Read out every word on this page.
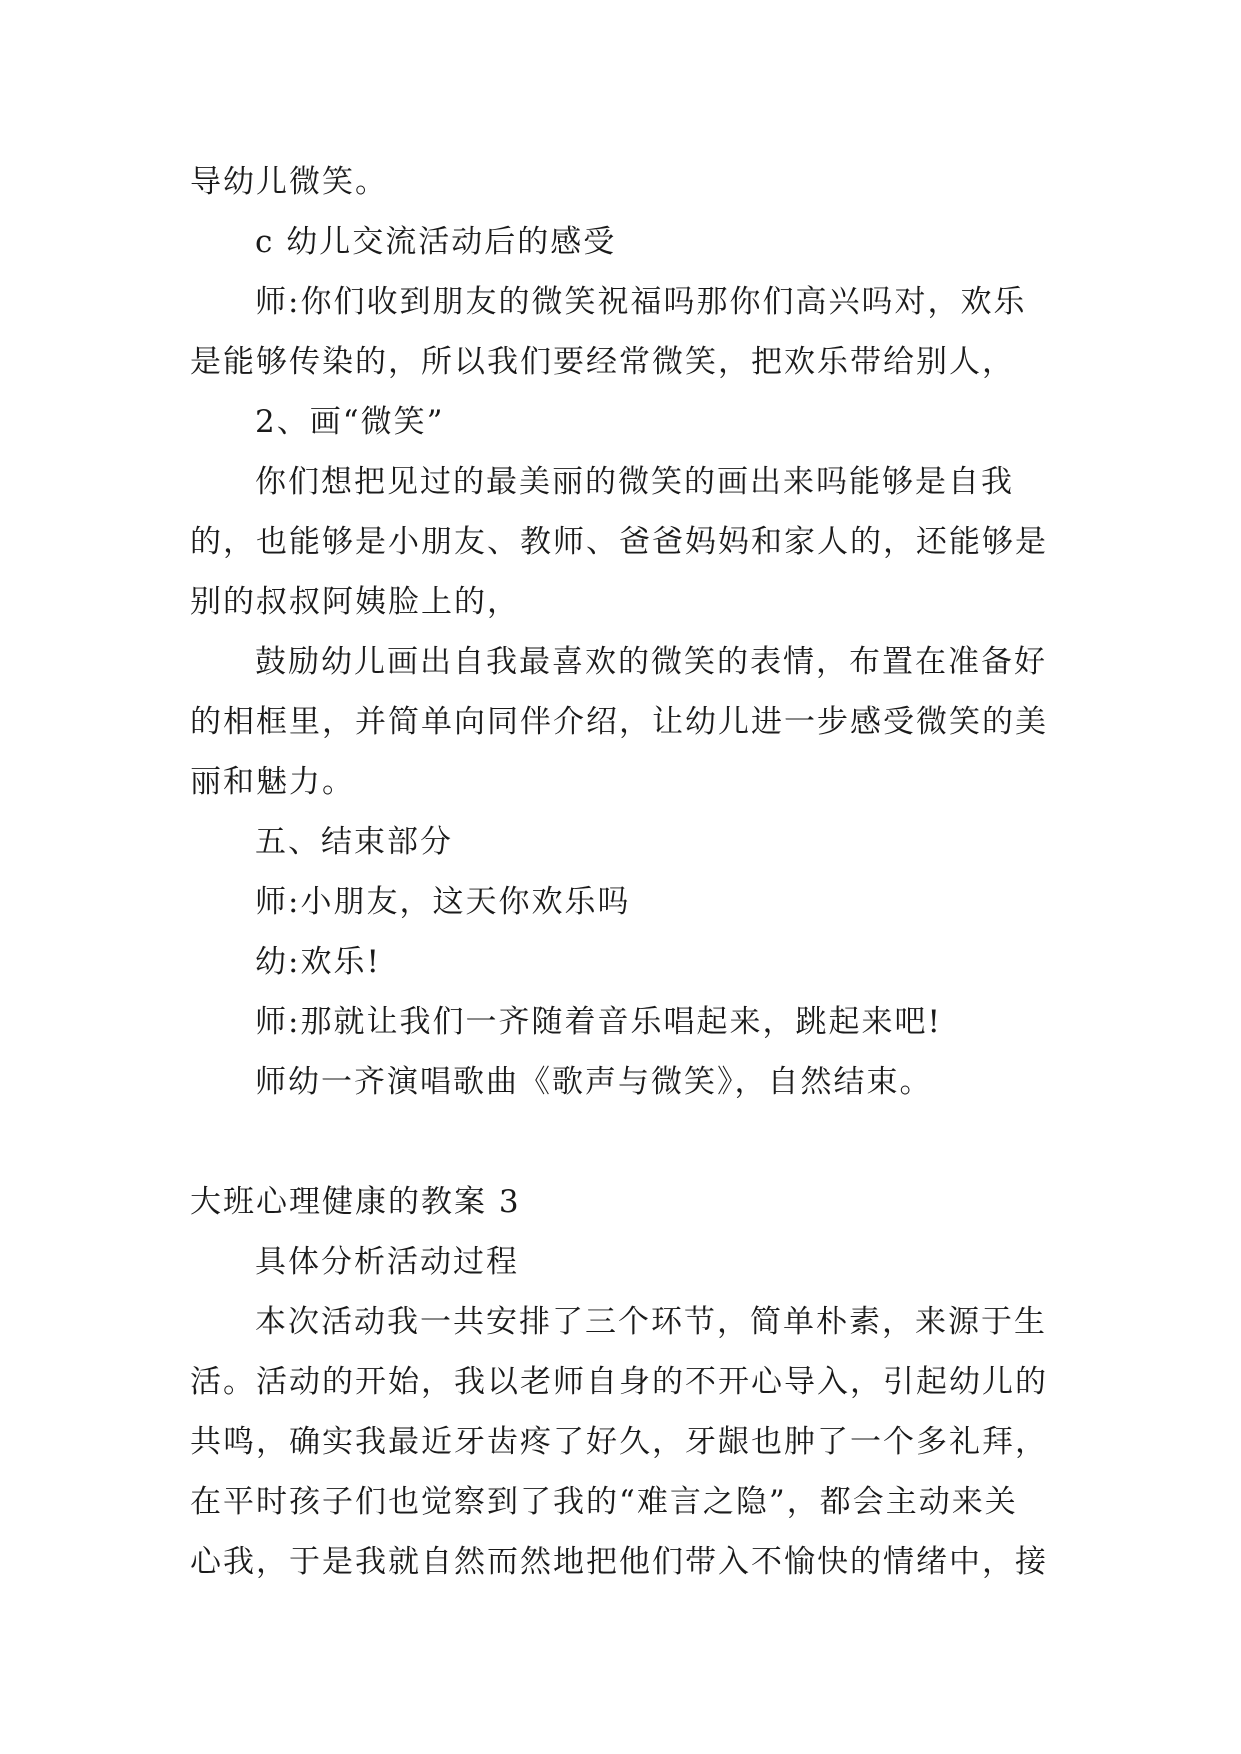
导幼儿微笑。
c 幼儿交流活动后的感受
师:你们收到朋友的微笑祝福吗那你们高兴吗对，欢乐
是能够传染的，所以我们要经常微笑，把欢乐带给别人，
2、画“微笑”
你们想把见过的最美丽的微笑的画出来吗能够是自我
的，也能够是小朋友、教师、爸爸妈妈和家人的，还能够是
别的叔叔阿姨脸上的，
鼓励幼儿画出自我最喜欢的微笑的表情，布置在准备好
的相框里，并简单向同伴介绍，让幼儿进一步感受微笑的美
丽和魅力。
五、结束部分
师:小朋友，这天你欢乐吗
幼:欢乐!
师:那就让我们一齐随着音乐唱起来，跳起来吧!
师幼一齐演唱歌曲《歌声与微笑》，自然结束。
大班心理健康的教案 3
具体分析活动过程
本次活动我一共安排了三个环节，简单朴素，来源于生
活。活动的开始，我以老师自身的不开心导入，引起幼儿的
共鸣，确实我最近牙齿疼了好久，牙龈也肿了一个多礼拜，
在平时孩子们也觉察到了我的“难言之隐”，都会主动来关
心我，于是我就自然而然地把他们带入不愉快的情绪中，接
